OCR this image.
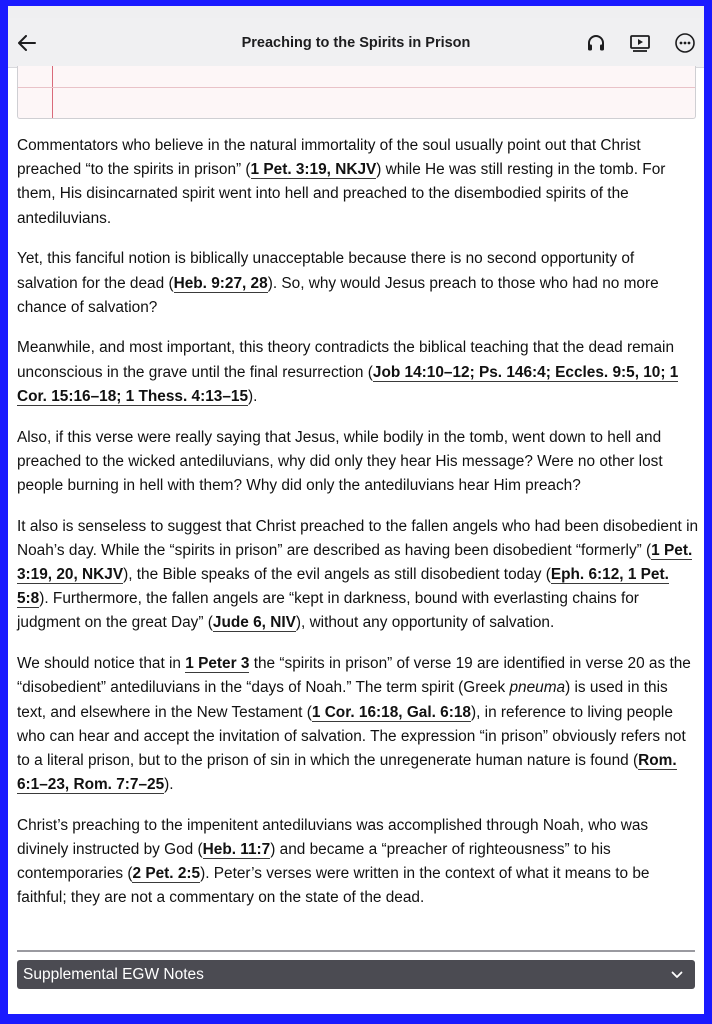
Preaching to the Spirits in Prison

Commentators who believe in the natural immortality of the soul usually point out that Christ preached “to the spirits in prison” (1 Pet. 3:19, NKJV) while He was still resting in the tomb. For them, His disincarnated spirit went into hell and preached to the disembodied spirits of the antediluvians.

Yet, this fanciful notion is biblically unacceptable because there is no second opportunity of salvation for the dead (Heb. 9:27, 28). So, why would Jesus preach to those who had no more chance of salvation?

Meanwhile, and most important, this theory contradicts the biblical teaching that the dead remain unconscious in the grave until the final resurrection (Job 14:10–12; Ps. 146:4; Eccles. 9:5, 10; 1 Cor. 15:16–18; 1 Thess. 4:13–15).

Also, if this verse were really saying that Jesus, while bodily in the tomb, went down to hell and preached to the wicked antediluvians, why did only they hear His message? Were no other lost people burning in hell with them? Why did only the antediluvians hear Him preach?

It also is senseless to suggest that Christ preached to the fallen angels who had been disobedient in Noah’s day. While the “spirits in prison” are described as having been disobedient “formerly” (1 Pet. 3:19, 20, NKJV), the Bible speaks of the evil angels as still disobedient today (Eph. 6:12, 1 Pet. 5:8). Furthermore, the fallen angels are “kept in darkness, bound with everlasting chains for judgment on the great Day” (Jude 6, NIV), without any opportunity of salvation.

We should notice that in 1 Peter 3 the “spirits in prison” of verse 19 are identified in verse 20 as the “disobedient” antediluvians in the “days of Noah.” The term spirit (Greek pneuma) is used in this text, and elsewhere in the New Testament (1 Cor. 16:18, Gal. 6:18), in reference to living people who can hear and accept the invitation of salvation. The expression “in prison” obviously refers not to a literal prison, but to the prison of sin in which the unregenerate human nature is found (Rom. 6:1–23, Rom. 7:7–25).

Christ’s preaching to the impenitent antediluvians was accomplished through Noah, who was divinely instructed by God (Heb. 11:7) and became a “preacher of righteousness” to his contemporaries (2 Pet. 2:5). Peter’s verses were written in the context of what it means to be faithful; they are not a commentary on the state of the dead.

Supplemental EGW Notes
